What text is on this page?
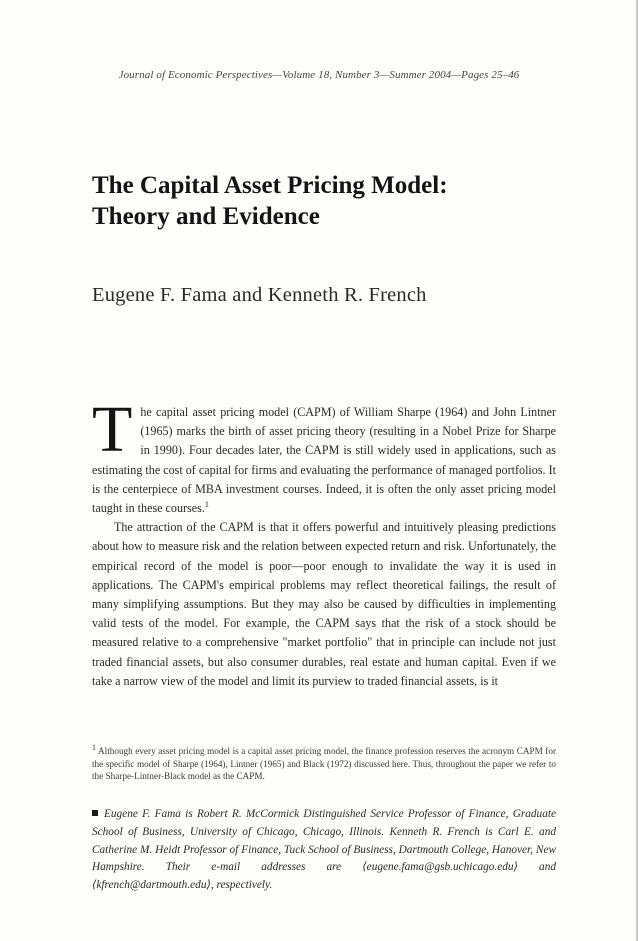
Journal of Economic Perspectives—Volume 18, Number 3—Summer 2004—Pages 25–46
The Capital Asset Pricing Model:
Theory and Evidence
Eugene F. Fama and Kenneth R. French

The capital asset pricing model (CAPM) of William Sharpe (1964) and John Lintner (1965) marks the birth of asset pricing theory (resulting in a Nobel Prize for Sharpe in 1990). Four decades later, the CAPM is still widely used in applications, such as estimating the cost of capital for firms and evaluating the performance of managed portfolios. It is the centerpiece of MBA investment courses. Indeed, it is often the only asset pricing model taught in these courses.$^1$

The attraction of the CAPM is that it offers powerful and intuitively pleasing predictions about how to measure risk and the relation between expected return and risk. Unfortunately, the empirical record of the model is poor—poor enough to invalidate the way it is used in applications. The CAPM's empirical problems may reflect theoretical failings, the result of many simplifying assumptions. But they may also be caused by difficulties in implementing valid tests of the model. For example, the CAPM says that the risk of a stock should be measured relative to a comprehensive "market portfolio" that in principle can include not just traded financial assets, but also consumer durables, real estate and human capital. Even if we take a narrow view of the model and limit its purview to traded financial assets, is it

1 Although every asset pricing model is a capital asset pricing model, the finance profession reserves the acronym CAPM for the specific model of Sharpe (1964), Lintner (1965) and Black (1972) discussed here. Thus, throughout the paper we refer to the Sharpe-Lintner-Black model as the CAPM.
Eugene F. Fama is Robert R. McCormick Distinguished Service Professor of Finance, Graduate School of Business, University of Chicago, Chicago, Illinois. Kenneth R. French is Carl E. and Catherine M. Heidt Professor of Finance, Tuck School of Business, Dartmouth College, Hanover, New Hampshire. Their e-mail addresses are ⟨eugene.fama@gsb.uchicago.edu⟩ and ⟨kfrench@dartmouth.edu⟩, respectively.
